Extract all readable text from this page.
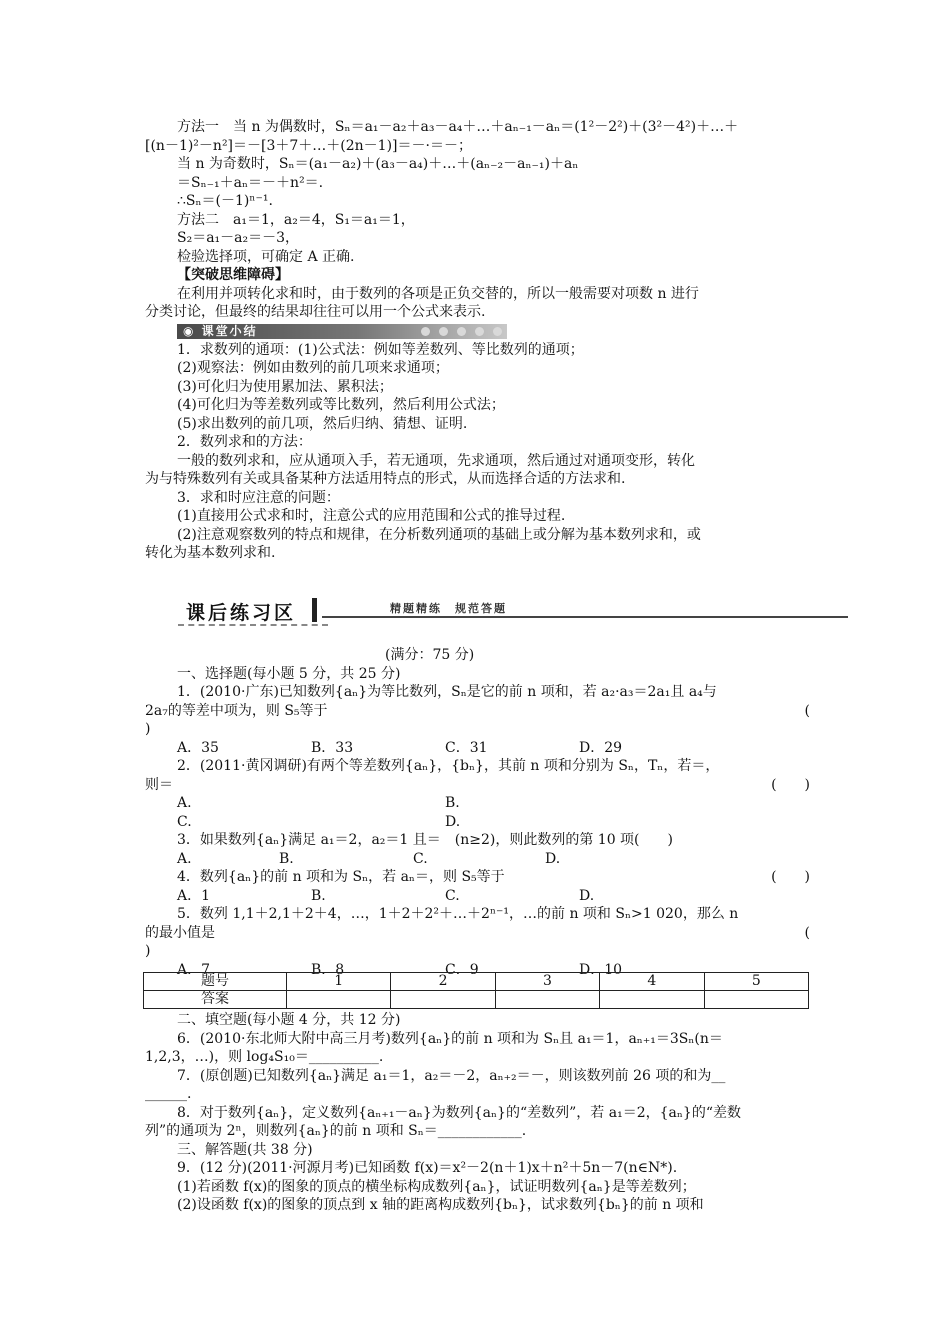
方法一　当 n 为偶数时，Sₙ＝a₁－a₂＋a₃－a₄＋…＋aₙ₋₁－aₙ＝(1²－2²)＋(3²－4²)＋…＋
[(n－1)²－n²]＝－[3＋7＋…＋(2n－1)]＝－·＝－；
当 n 为奇数时，Sₙ＝(a₁－a₂)＋(a₃－a₄)＋…＋(aₙ₋₂－aₙ₋₁)＋aₙ
＝Sₙ₋₁＋aₙ＝－＋n²＝.
∴Sₙ＝(－1)ⁿ⁻¹.
方法二　a₁＝1，a₂＝4，S₁＝a₁＝1，
S₂＝a₁－a₂＝－3，
检验选择项，可确定 A 正确.
【突破思维障碍】
在利用并项转化求和时，由于数列的各项是正负交替的，所以一般需要对项数 n 进行
分类讨论，但最终的结果却往往可以用一个公式来表示.
◉ 课堂小结
1．求数列的通项：(1)公式法：例如等差数列、等比数列的通项；
(2)观察法：例如由数列的前几项来求通项；
(3)可化归为使用累加法、累积法；
(4)可化归为等差数列或等比数列，然后利用公式法；
(5)求出数列的前几项，然后归纳、猜想、证明.
2．数列求和的方法：
一般的数列求和，应从通项入手，若无通项，先求通项，然后通过对通项变形，转化
为与特殊数列有关或具备某种方法适用特点的形式，从而选择合适的方法求和.
3．求和时应注意的问题：
(1)直接用公式求和时，注意公式的应用范围和公式的推导过程.
(2)注意观察数列的特点和规律，在分析数列通项的基础上或分解为基本数列求和，或
转化为基本数列求和.
课后练习区	精题精练　规范答题
(满分：75 分)
一、选择题(每小题 5 分，共 25 分)
1．(2010·广东)已知数列{aₙ}为等比数列，Sₙ是它的前 n 项和，若 a₂·a₃＝2a₁且 a₄与
2a₇的等差中项为，则 S₅等于	(
)
A．35	B．33	C．31	D．29
2．(2011·黄冈调研)有两个等差数列{aₙ}，{bₙ}，其前 n 项和分别为 Sₙ，Tₙ，若＝，
则＝	(　　)
A.	B.
C.	D.
3．如果数列{aₙ}满足 a₁＝2，a₂＝1 且＝　(n≥2)，则此数列的第 10 项(　　)
A.	B.	C.	D.
4．数列{aₙ}的前 n 项和为 Sₙ，若 aₙ＝，则 S₅等于	(　　)
A．1	B.	C.	D.
5．数列 1,1＋2,1＋2＋4，…，1＋2＋2²＋…＋2ⁿ⁻¹，…的前 n 项和 Sₙ>1 020，那么 n
的最小值是	(
)
A．7	B．8	C．9	D．10
题号	1	2	3	4	5
答案					
二、填空题(每小题 4 分，共 12 分)
6．(2010·东北师大附中高三月考)数列{aₙ}的前 n 项和为 Sₙ且 a₁＝1，aₙ₊₁＝3Sₙ(n＝
1,2,3，…)，则 log₄S₁₀＝__________.
7．(原创题)已知数列{aₙ}满足 a₁＝1，a₂＝－2，aₙ₊₂＝－，则该数列前 26 项的和为__
______.
8．对于数列{aₙ}，定义数列{aₙ₊₁－aₙ}为数列{aₙ}的“差数列”，若 a₁＝2，{aₙ}的“差数
列”的通项为 2ⁿ，则数列{aₙ}的前 n 项和 Sₙ＝____________.
三、解答题(共 38 分)
9．(12 分)(2011·河源月考)已知函数 f(x)＝x²－2(n＋1)x＋n²＋5n－7(n∈N*).
(1)若函数 f(x)的图象的顶点的横坐标构成数列{aₙ}，试证明数列{aₙ}是等差数列；
(2)设函数 f(x)的图象的顶点到 x 轴的距离构成数列{bₙ}，试求数列{bₙ}的前 n 项和
